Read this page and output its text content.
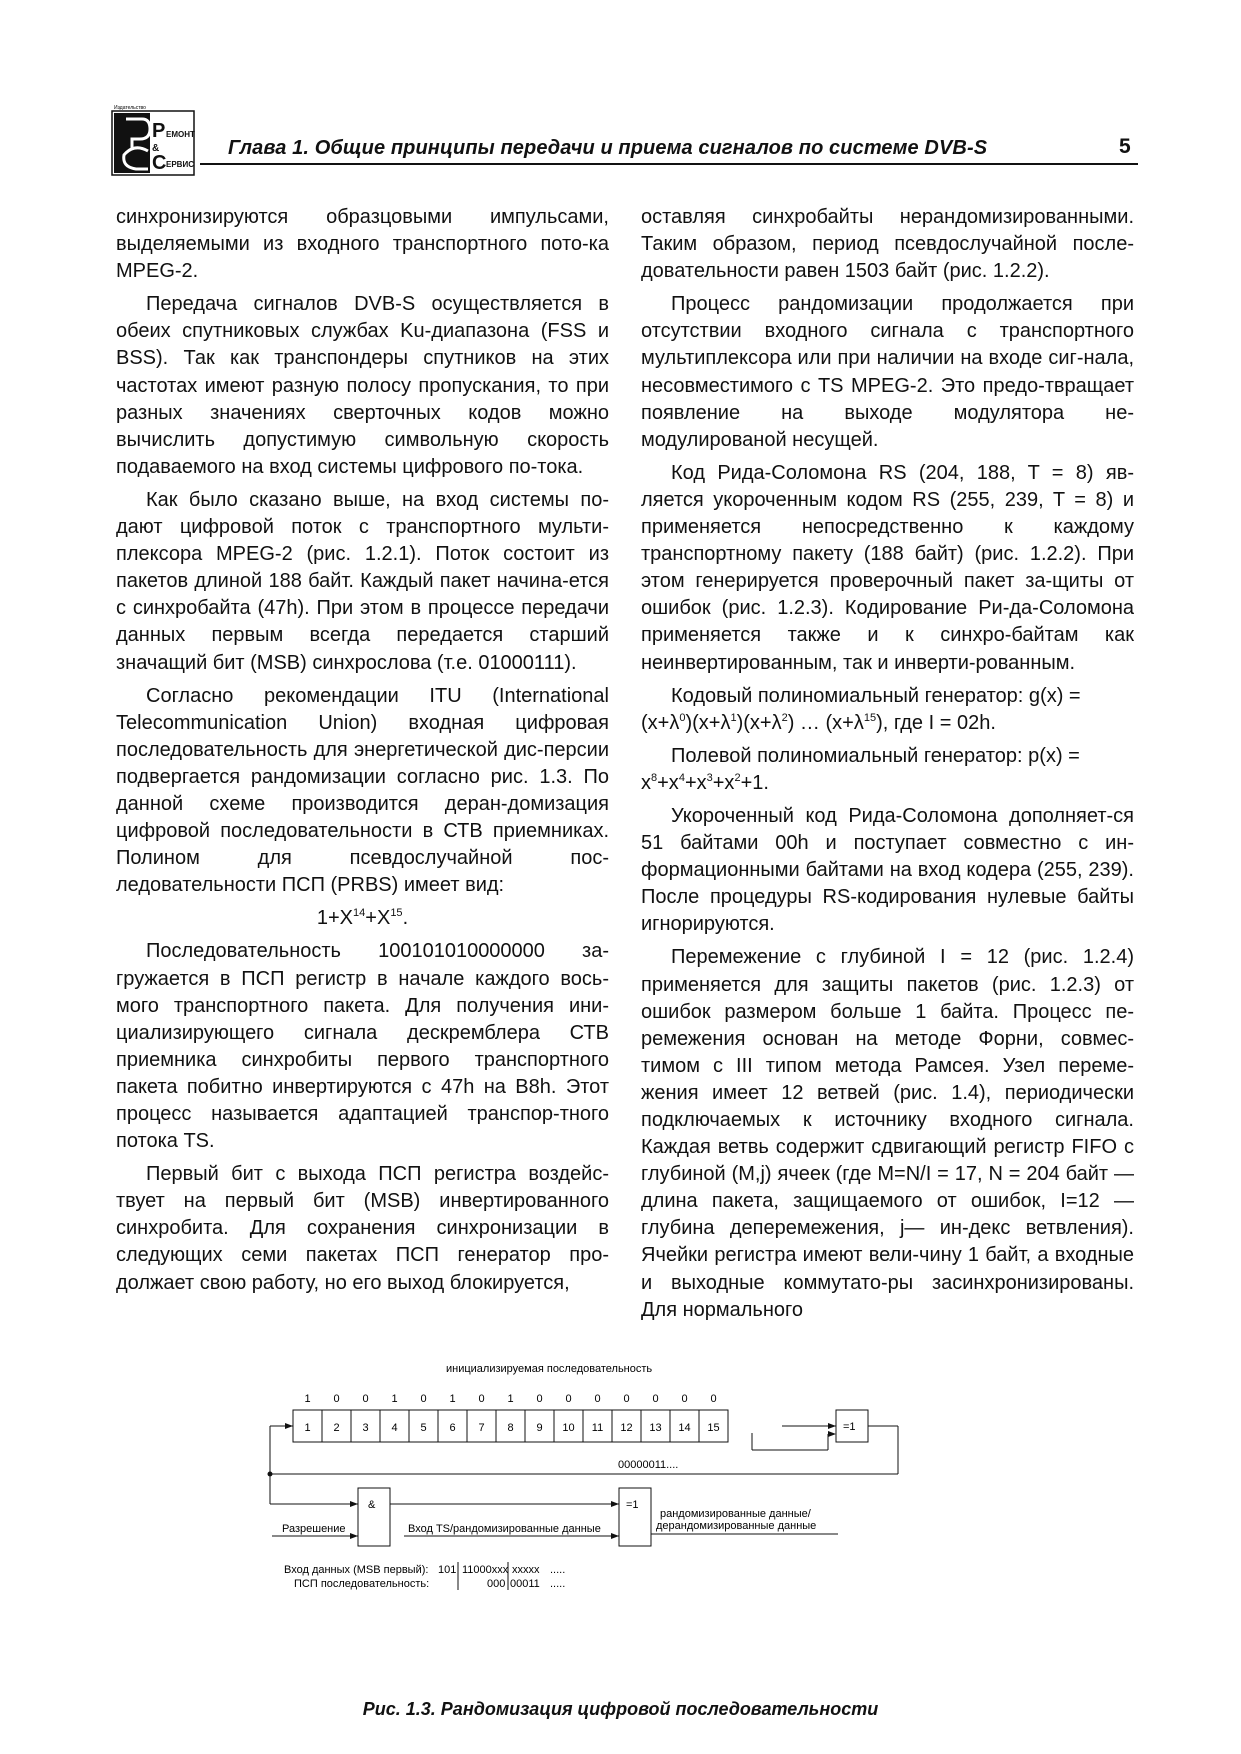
Издательство
Р ЕМОНТ
&
С ЕРВИС
Глава 1. Общие принципы передачи и приема сигналов по системе DVB-S	5

синхронизируются образцовыми импульсами, выделяемыми из входного транспортного пото-ка MPEG-2.

Передача сигналов DVB-S осуществляется в обеих спутниковых службах Ku-диапазона (FSS и BSS). Так как транспондеры спутников на этих частотах имеют разную полосу пропускания, то при разных значениях сверточных кодов можно вычислить допустимую символьную скорость подаваемого на вход системы цифрового по-тока.

Как было сказано выше, на вход системы по-дают цифровой поток с транспортного мульти-плексора MPEG-2 (рис. 1.2.1). Поток состоит из пакетов длиной 188 байт. Каждый пакет начина-ется с синхробайта (47h). При этом в процессе передачи данных первым всегда передается старший значащий бит (MSB) синхрослова (т.е. 01000111).

Согласно рекомендации ITU (International Telecommunication Union) входная цифровая последовательность для энергетической дис-персии подвергается рандомизации согласно рис. 1.3. По данной схеме производится деран-домизация цифровой последовательности в СТВ приемниках. Полином для псевдослучайной пос-ледовательности ПСП (PRBS) имеет вид:

$1+X^{14}+X^{15}$.

Последовательность 100101010000000 за-гружается в ПСП регистр в начале каждого вось-мого транспортного пакета. Для получения ини-циализирующего сигнала дескремблера СТВ приемника синхробиты первого транспортного пакета побитно инвертируются с 47h на B8h. Этот процесс называется адаптацией транспор-тного потока TS.

Первый бит с выхода ПСП регистра воздейс-твует на первый бит (MSB) инвертированного синхробита. Для сохранения синхронизации в следующих семи пакетах ПСП генератор про-должает свою работу, но его выход блокируется,

оставляя синхробайты нерандомизированными. Таким образом, период псевдослучайной после-довательности равен 1503 байт (рис. 1.2.2).

Процесс рандомизации продолжается при отсутствии входного сигнала с транспортного мультиплексора или при наличии на входе сиг-нала, несовместимого с TS MPEG-2. Это предо-твращает появление на выходе модулятора не-модулированой несущей.

Код Рида-Соломона RS (204, 188, T = 8) яв-ляется укороченным кодом RS (255, 239, T = 8) и применяется непосредственно к каждому транспортному пакету (188 байт) (рис. 1.2.2). При этом генерируется проверочный пакет за-щиты от ошибок (рис. 1.2.3). Кодирование Ри-да-Соломона применяется также и к синхро-байтам как неинвертированным, так и инверти-рованным.

Кодовый полиномиальный генератор: g(x) =
$(x+\lambda^0)(x+\lambda^1)(x+\lambda^2)$ … $(x+\lambda^{15})$, где I = 02h.

Полевой полиномиальный генератор: p(x) =
$x^8+x^4+x^3+x^2+1$.

Укороченный код Рида-Соломона дополняет-ся 51 байтами 00h и поступает совместно с ин-формационными байтами на вход кодера (255, 239). После процедуры RS-кодирования нулевые байты игнорируются.

Перемежение с глубиной I = 12 (рис. 1.2.4) применяется для защиты пакетов (рис. 1.2.3) от ошибок размером больше 1 байта. Процесс пе-ремежения основан на методе Форни, совмес-тимом с III типом метода Рамсея. Узел переме-жения имеет 12 ветвей (рис. 1.4), периодически подключаемых к источнику входного сигнала. Каждая ветвь содержит сдвигающий регистр FIFO с глубиной (M,j) ячеек (где M=N/I = 17, N = 204 байт — длина пакета, защищаемого от ошибок, I=12 — глубина деперемежения, j— ин-декс ветвления). Ячейки регистра имеют вели-чину 1 байт, а входные и выходные коммутато-ры засинхронизированы. Для нормального

инициализируемая последовательность
1 0 0 1 0 1 0 1 0 0 0 0 0 0 0
1 2 3 4 5 6 7 8 9 10 11 12 13 14 15	=1
00000011....
&
Разрешение
=1
Вход TS/рандомизированные данные
рандомизированные данные/
дерандомизированные данные
Вход данных (MSB первый): 101 11000xxx xxxxx .....
ПСП последовательность:	000 00011 .....
Рис. 1.3. Рандомизация цифровой последовательности
